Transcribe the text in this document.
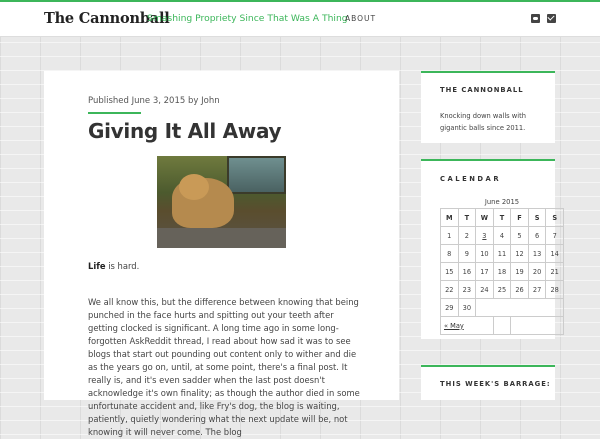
The Cannonball
Smashing Propriety Since That Was A Thing
ABOUT
Published June 3, 2015 by John
Giving It All Away
Life is hard.
We all know this, but the difference between knowing that being punched in the face hurts and spitting out your teeth after getting clocked is significant. A long time ago in some long-forgotten AskReddit thread, I read about how sad it was to see blogs that start out pounding out content only to wither and die as the years go on, until, at some point, there's a final post. It really is, and it's even sadder when the last post doesn't acknowledge it's own finality; as though the author died in some unfortunate accident and, like Fry's dog, the blog is waiting, patiently, quietly wondering what the next update will be, not knowing it will never come. The blog
THE CANNONBALL
Knocking down walls with gigantic balls since 2011.
CALENDAR
June 2015
M	T	W	T	F	S	S
1	2	3	4	5	6	7
8	9	10	11	12	13	14
15	16	17	18	19	20	21
22	23	24	25	26	27	28
29	30					
« May						
THIS WEEK'S BARRAGE:
